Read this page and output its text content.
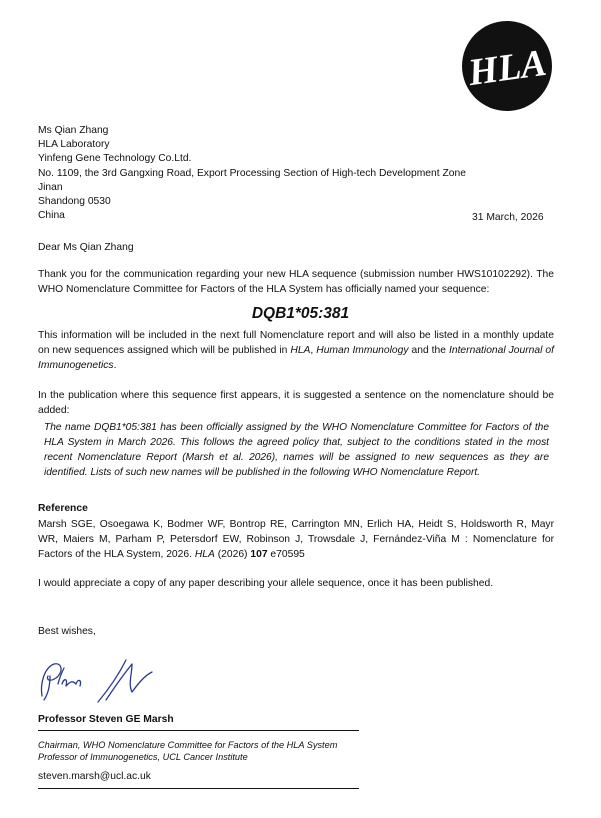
HLA
Ms Qian Zhang
HLA Laboratory
Yinfeng Gene Technology Co.Ltd.
No. 1109, the 3rd Gangxing Road, Export Processing Section of High-tech Development Zone
Jinan
Shandong 0530
China	31 March, 2026
Dear Ms Qian Zhang
Thank you for the communication regarding your new HLA sequence (submission number HWS10102292). The WHO Nomenclature Committee for Factors of the HLA System has officially named your sequence:
DQB1*05:381
This information will be included in the next full Nomenclature report and will also be listed in a monthly update on new sequences assigned which will be published in HLA, Human Immunology and the International Journal of Immunogenetics.
In the publication where this sequence first appears, it is suggested a sentence on the nomenclature should be added:
The name DQB1*05:381 has been officially assigned by the WHO Nomenclature Committee for Factors of the HLA System in March 2026. This follows the agreed policy that, subject to the conditions stated in the most recent Nomenclature Report (Marsh et al. 2026), names will be assigned to new sequences as they are identified. Lists of such new names will be published in the following WHO Nomenclature Report.
Reference
Marsh SGE, Osoegawa K, Bodmer WF, Bontrop RE, Carrington MN, Erlich HA, Heidt S, Holdsworth R, Mayr WR, Maiers M, Parham P, Petersdorf EW, Robinson J, Trowsdale J, Fernández-Viña M : Nomenclature for Factors of the HLA System, 2026. HLA (2026) 107 e70595
I would appreciate a copy of any paper describing your allele sequence, once it has been published.
Best wishes,
Professor Steven GE Marsh
Chairman, WHO Nomenclature Committee for Factors of the HLA System
Professor of Immunogenetics, UCL Cancer Institute
steven.marsh@ucl.ac.uk
